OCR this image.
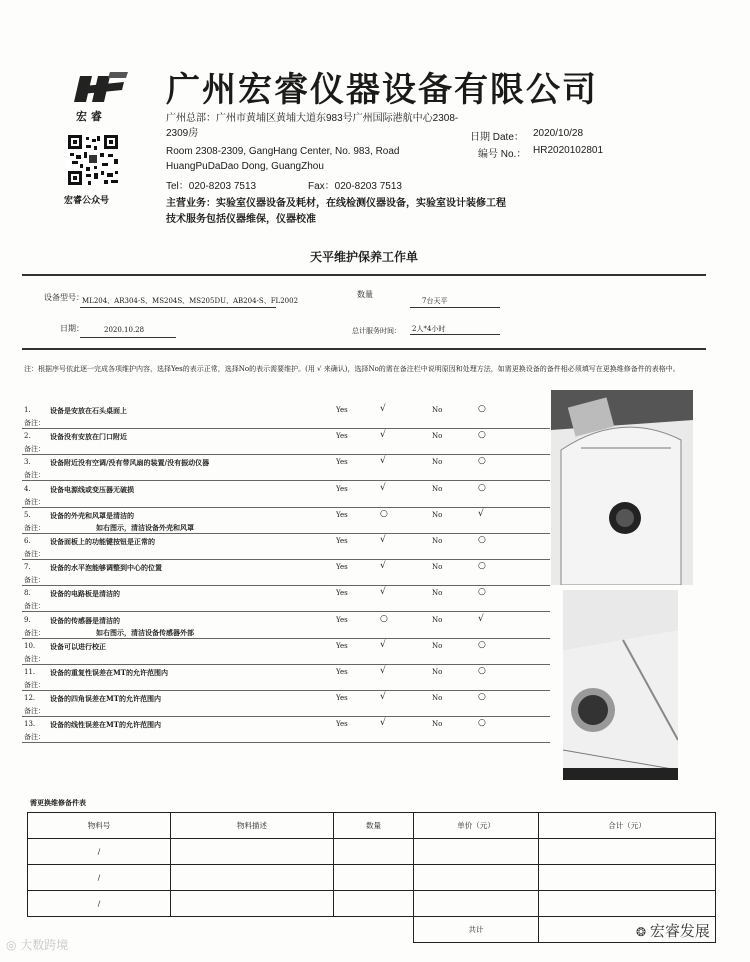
宏 睿
宏睿公众号
广州宏睿仪器设备有限公司
广州总部：广州市黄埔区黄埔大道东983号广州国际港航中心2308-
2309房
Room 2308-2309, GangHang Center, No. 983, Road
HuangPuDaDao Dong, GuangZhou
Tel：020-8203 7513	Fax：020-8203 7513
主营业务：实验室仪器设备及耗材，在线检测仪器设备，实验室设计装修工程
技术服务包括仪器维保，仪器校准
日期 Date： 2020/10/28
编号 No.： HR2020102801
天平维护保养工作单
设备型号：
ML204、AR304-S、MS204S、MS205DU、AB204-S、FL2002
数量
7台天平
日期：	2020.10.28	总计服务时间： 2人*4小时
注：根据序号依此逐一完成各项维护内容，选择Yes的表示正常，选择No的表示需要维护。(用 √ 来确认)，选择No的需在备注栏中说明原因和处理方法，如需更换设备的备件相必须填写在更换维修备件的表格中。
1.	设备是安放在石头桌面上	Yes	√	No	○
备注：
2.	设备没有安放在门口附近	Yes	√	No	○
备注：
3.	设备附近没有空调/没有带风扇的装置/没有振动仪器	Yes	√	No	○
备注：
4.	设备电源线或变压器无破损	Yes	√	No	○
备注：
5.	设备的外壳和风罩是清洁的	Yes	○	No	√
备注：	如右图示，清洁设备外壳和风罩
6.	设备面板上的功能键按钮是正常的	Yes	√	No	○
备注：
7.	设备的水平泡能够调整到中心的位置	Yes	√	No	○
备注：
8.	设备的电路板是清洁的	Yes	√	No	○
备注：
9.	设备的传感器是清洁的	Yes	○	No	√
备注：	如右图示，清洁设备传感器外部
10. 设备可以进行校正	Yes	√	No	○
备注：
11. 设备的重复性误差在MT的允许范围内	Yes	√	No	○
备注：
12. 设备的四角误差在MT的允许范围内	Yes	√	No	○
备注：
13. 设备的线性误差在MT的允许范围内	Yes	√	No	○
备注：
需更换维修备件表
物料号	物料描述	数量	单价（元）	合计（元）
/				
/				
/				
			共计	
◎ 大数跨境
❂ 宏睿发展
